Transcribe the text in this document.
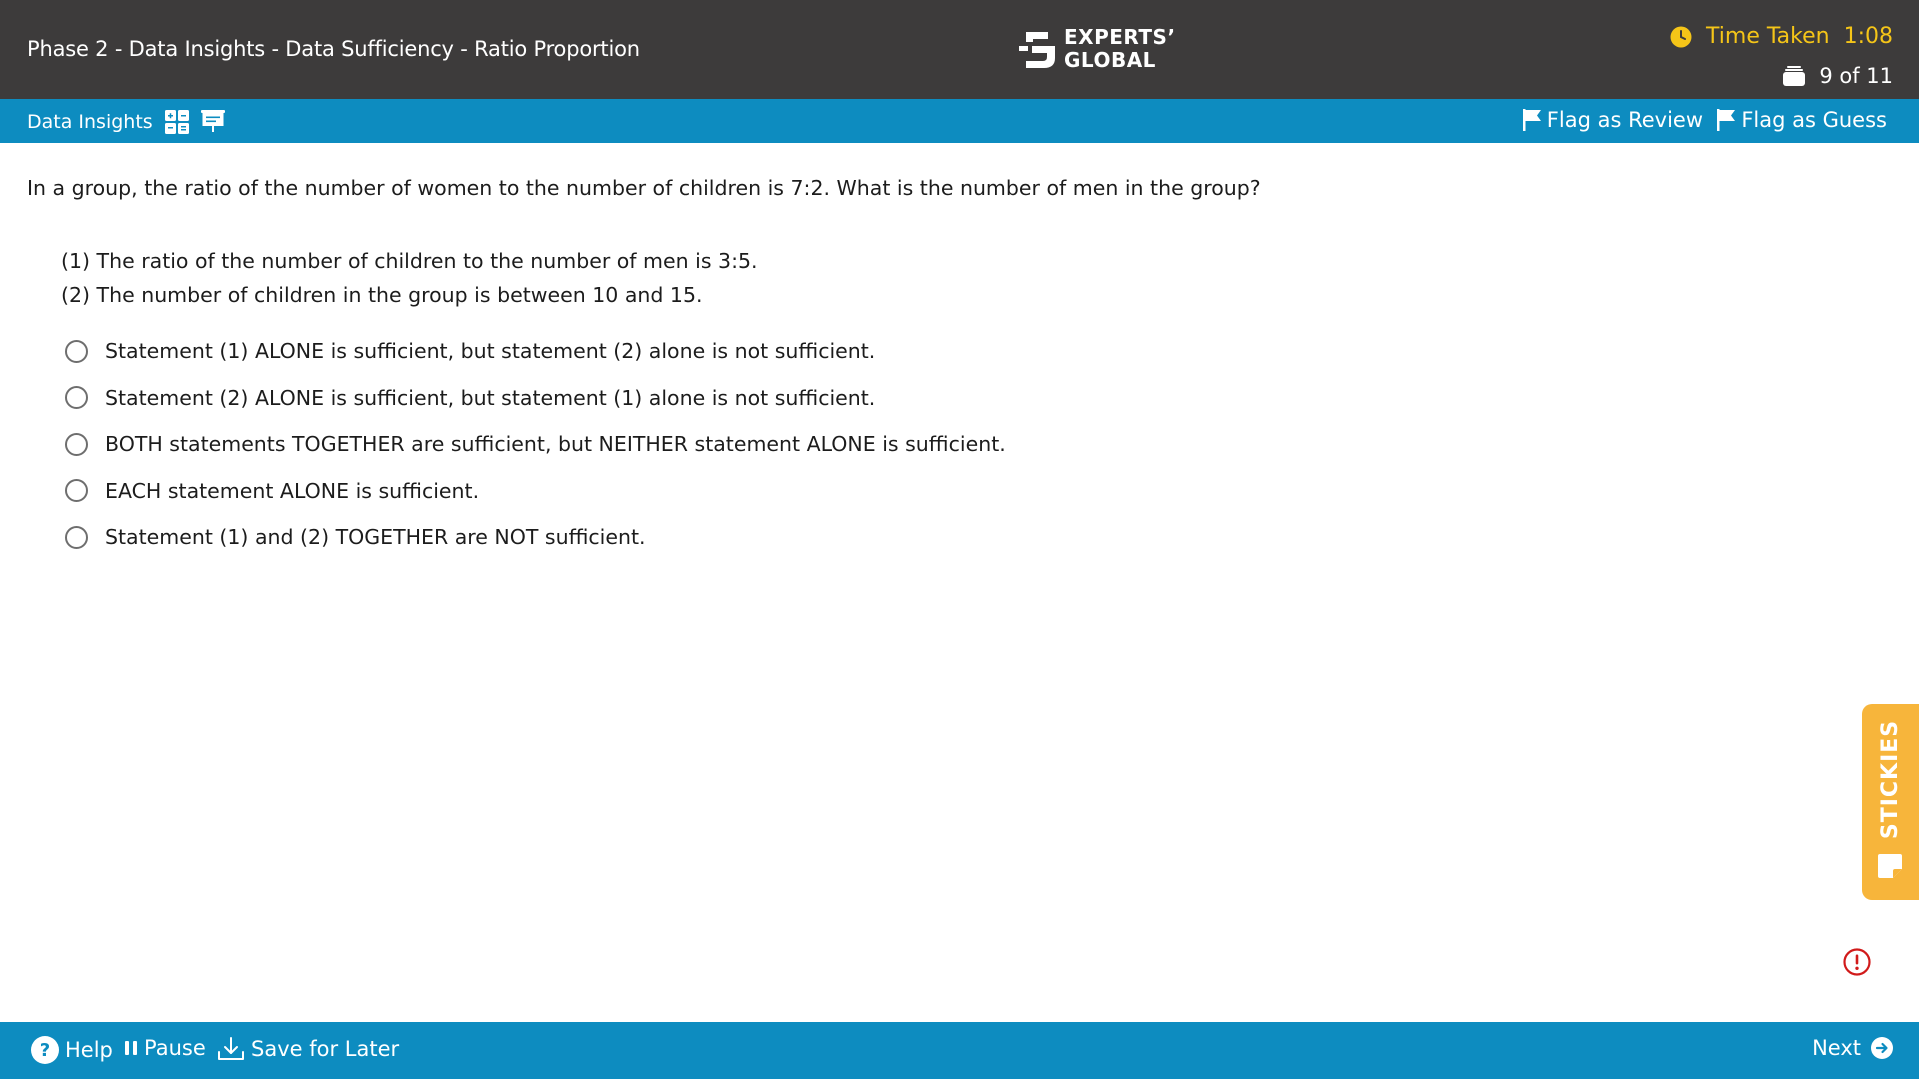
Phase 2 - Data Insights - Data Sufficiency - Ratio Proportion	EXPERTS’
GLOBAL
Time Taken 1:08
9 of 11
Data Insights	Flag as Review Flag as Guess
In a group, the ratio of the number of women to the number of children is 7:2. What is the number of men in the group?
(1) The ratio of the number of children to the number of men is 3:5.
(2) The number of children in the group is between 10 and 15.
Statement (1) ALONE is sufficient, but statement (2) alone is not sufficient.
Statement (2) ALONE is sufficient, but statement (1) alone is not sufficient.
BOTH statements TOGETHER are sufficient, but NEITHER statement ALONE is sufficient.
EACH statement ALONE is sufficient.
Statement (1) and (2) TOGETHER are NOT sufficient.
STICKIES
? Help Pause Save for Later	Next
